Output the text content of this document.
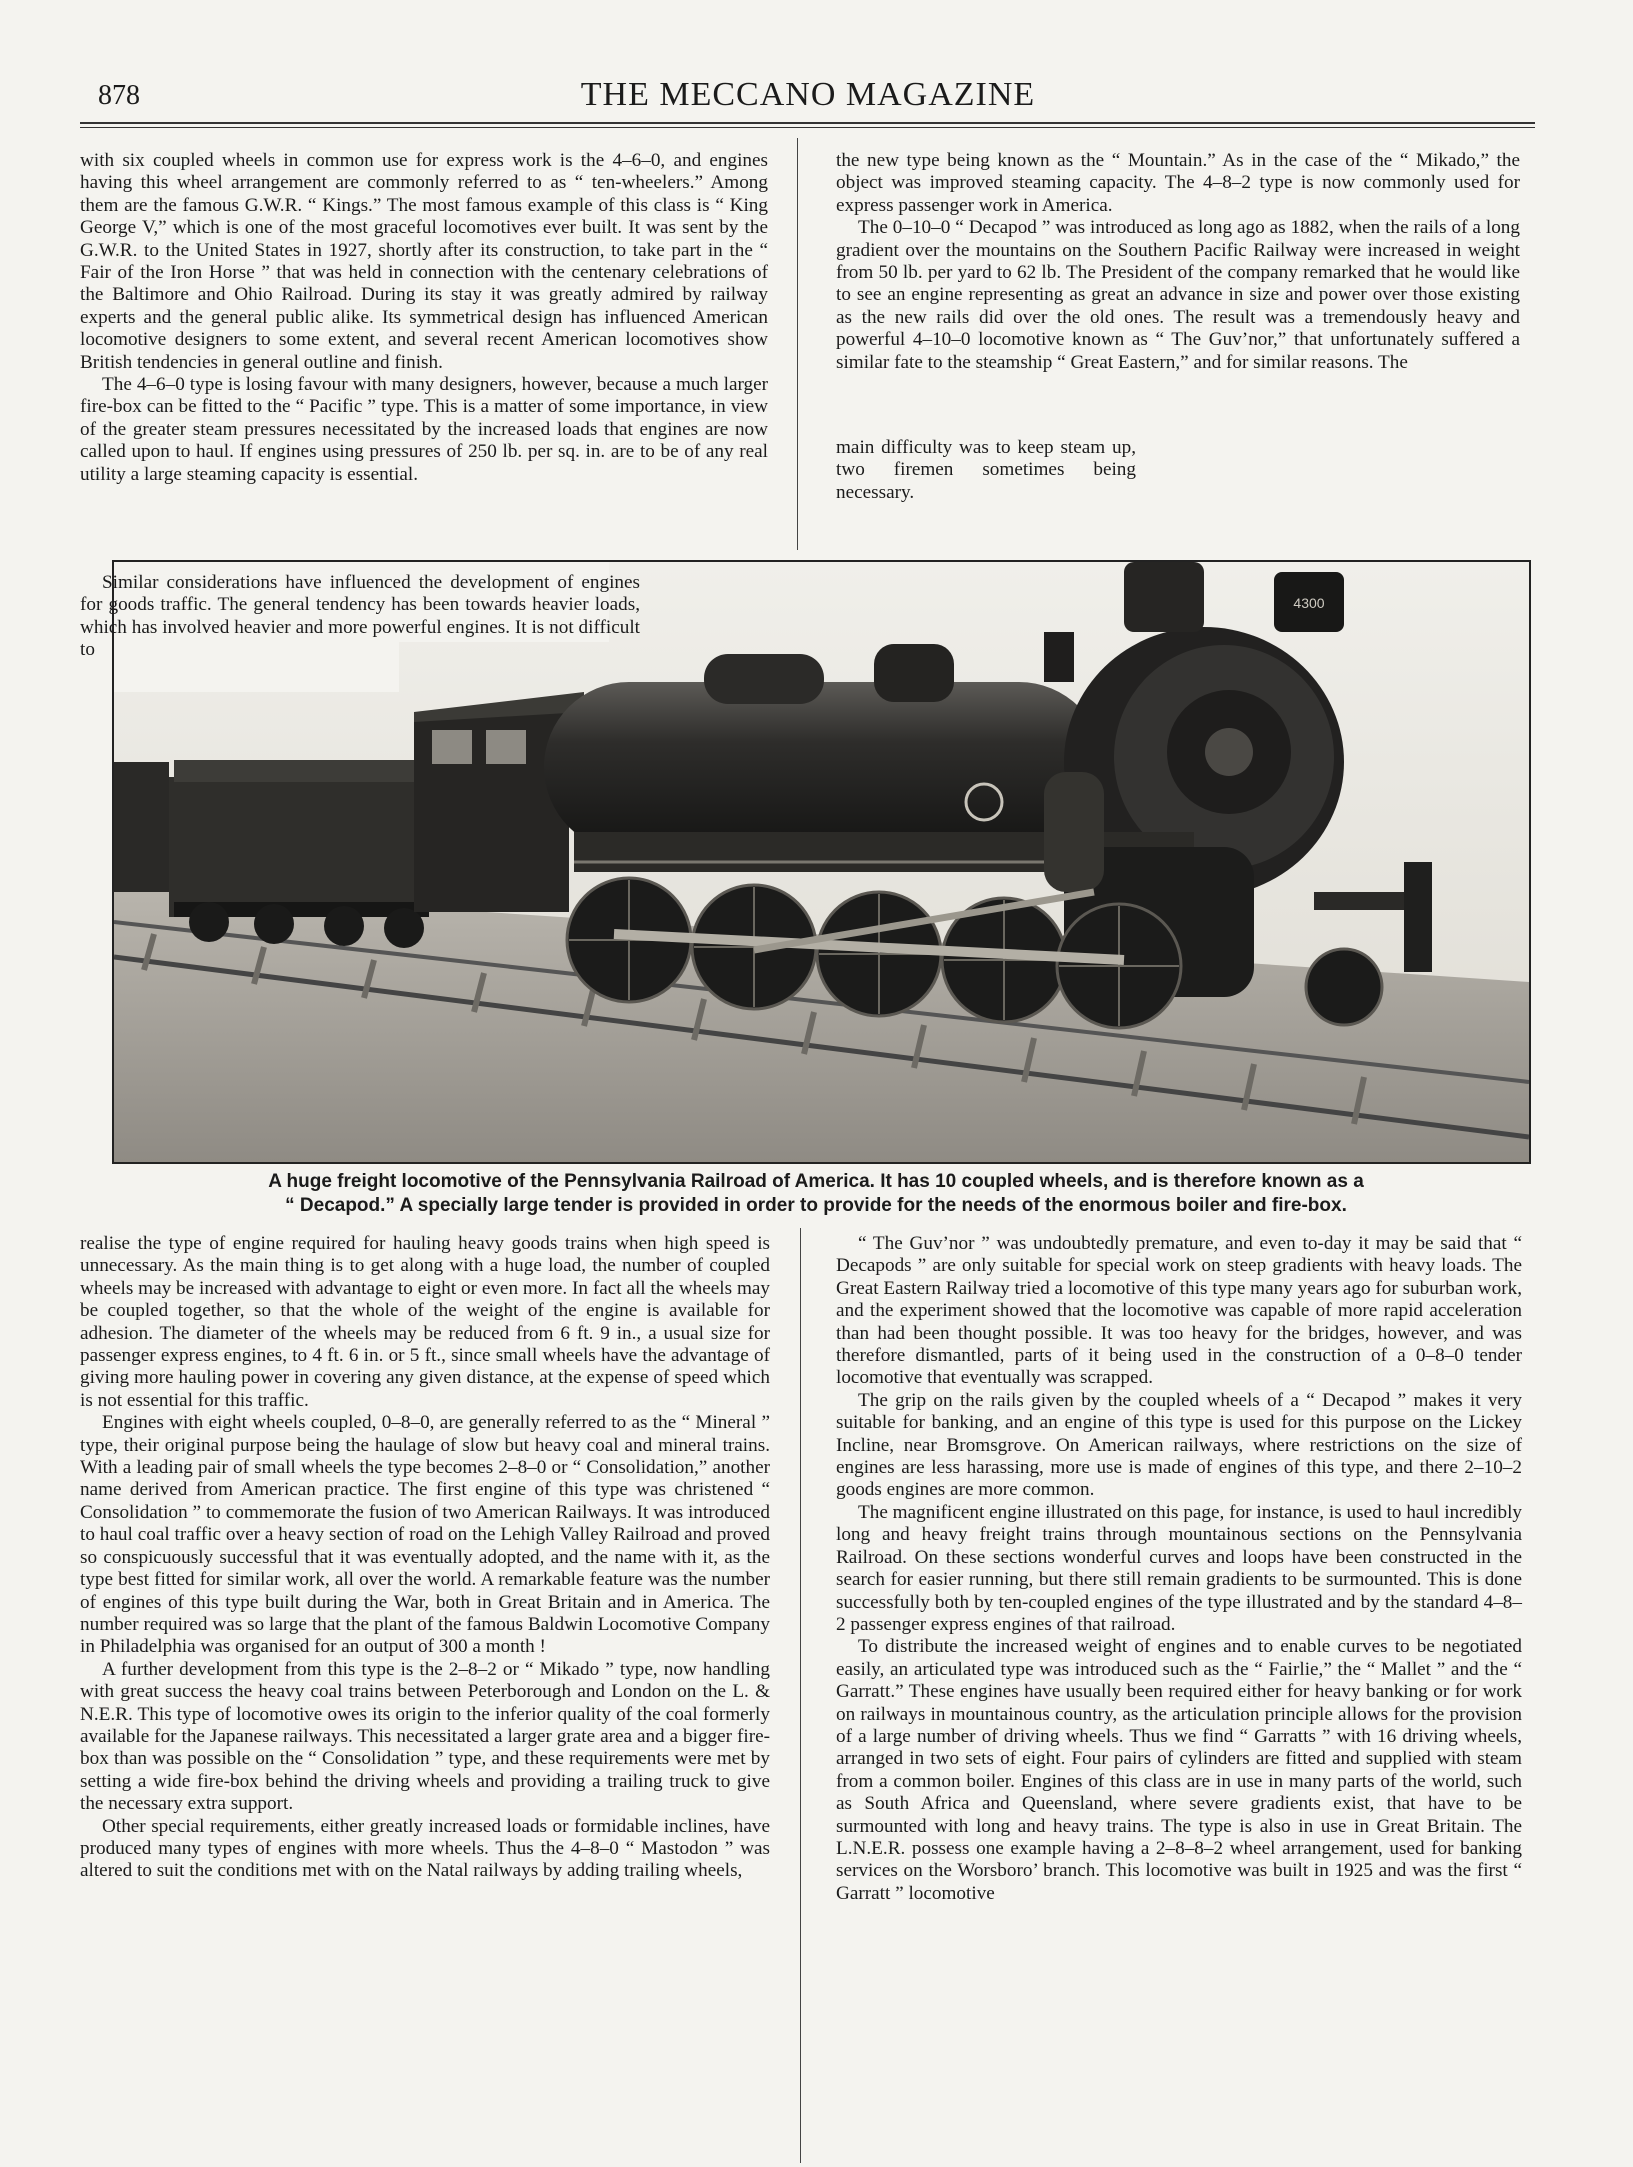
878	THE MECCANO MAGAZINE

with six coupled wheels in common use for express work is the 4–6–0, and engines having this wheel arrangement are commonly referred to as “ ten-wheelers.” Among them are the famous G.W.R. “ Kings.” The most famous example of this class is “ King George V,” which is one of the most graceful locomotives ever built. It was sent by the G.W.R. to the United States in 1927, shortly after its construction, to take part in the “ Fair of the Iron Horse ” that was held in connection with the centenary celebrations of the Baltimore and Ohio Railroad. During its stay it was greatly admired by railway experts and the general public alike. Its symmetrical design has influenced American locomotive designers to some extent, and several recent American locomotives show British tendencies in general outline and finish.

The 4–6–0 type is losing favour with many designers, however, because a much larger fire-box can be fitted to the “ Pacific ” type. This is a matter of some importance, in view of the greater steam pressures necessitated by the increased loads that engines are now called upon to haul. If engines using pressures of 250 lb. per sq. in. are to be of any real utility a large steaming capacity is essential.

the new type being known as the “ Mountain.” As in the case of the “ Mikado,” the object was improved steaming capacity. The 4–8–2 type is now commonly used for express passenger work in America.

The 0–10–0 “ Decapod ” was introduced as long ago as 1882, when the rails of a long gradient over the mountains on the Southern Pacific Railway were increased in weight from 50 lb. per yard to 62 lb. The President of the company remarked that he would like to see an engine representing as great an advance in size and power over those existing as the new rails did over the old ones. The result was a tremendously heavy and powerful 4–10–0 locomotive known as “ The Guv’nor,” that unfortunately suffered a similar fate to the steamship “ Great Eastern,” and for similar reasons. The

4300

Similar considerations have influenced the development of engines for goods traffic. The general tendency has been towards heavier loads, which has involved heavier and more powerful engines. It is not difficult to

main difficulty was to keep steam up, two firemen sometimes being necessary.

A huge freight locomotive of the Pennsylvania Railroad of America. It has 10 coupled wheels, and is therefore known as a
“ Decapod.” A specially large tender is provided in order to provide for the needs of the enormous boiler and fire-box.

realise the type of engine required for hauling heavy goods trains when high speed is unnecessary. As the main thing is to get along with a huge load, the number of coupled wheels may be increased with advantage to eight or even more. In fact all the wheels may be coupled together, so that the whole of the weight of the engine is available for adhesion. The diameter of the wheels may be reduced from 6 ft. 9 in., a usual size for passenger express engines, to 4 ft. 6 in. or 5 ft., since small wheels have the advantage of giving more hauling power in covering any given distance, at the expense of speed which is not essential for this traffic.

Engines with eight wheels coupled, 0–8–0, are generally referred to as the “ Mineral ” type, their original purpose being the haulage of slow but heavy coal and mineral trains. With a leading pair of small wheels the type becomes 2–8–0 or “ Consolidation,” another name derived from American practice. The first engine of this type was christened “ Consolidation ” to commemorate the fusion of two American Railways. It was introduced to haul coal traffic over a heavy section of road on the Lehigh Valley Railroad and proved so conspicuously successful that it was eventually adopted, and the name with it, as the type best fitted for similar work, all over the world. A remarkable feature was the number of engines of this type built during the War, both in Great Britain and in America. The number required was so large that the plant of the famous Baldwin Locomotive Company in Philadelphia was organised for an output of 300 a month !

A further development from this type is the 2–8–2 or “ Mikado ” type, now handling with great success the heavy coal trains between Peterborough and London on the L. & N.E.R. This type of locomotive owes its origin to the inferior quality of the coal formerly available for the Japanese railways. This necessitated a larger grate area and a bigger fire-box than was possible on the “ Consolidation ” type, and these requirements were met by setting a wide fire-box behind the driving wheels and providing a trailing truck to give the necessary extra support.

Other special requirements, either greatly increased loads or formidable inclines, have produced many types of engines with more wheels. Thus the 4–8–0 “ Mastodon ” was altered to suit the conditions met with on the Natal railways by adding trailing wheels,

“ The Guv’nor ” was undoubtedly premature, and even to-day it may be said that “ Decapods ” are only suitable for special work on steep gradients with heavy loads. The Great Eastern Railway tried a locomotive of this type many years ago for suburban work, and the experiment showed that the locomotive was capable of more rapid acceleration than had been thought possible. It was too heavy for the bridges, however, and was therefore dismantled, parts of it being used in the construction of a 0–8–0 tender locomotive that eventually was scrapped.

The grip on the rails given by the coupled wheels of a “ Decapod ” makes it very suitable for banking, and an engine of this type is used for this purpose on the Lickey Incline, near Bromsgrove. On American railways, where restrictions on the size of engines are less harassing, more use is made of engines of this type, and there 2–10–2 goods engines are more common.

The magnificent engine illustrated on this page, for instance, is used to haul incredibly long and heavy freight trains through mountainous sections on the Pennsylvania Railroad. On these sections wonderful curves and loops have been constructed in the search for easier running, but there still remain gradients to be surmounted. This is done successfully both by ten-coupled engines of the type illustrated and by the standard 4–8–2 passenger express engines of that railroad.

To distribute the increased weight of engines and to enable curves to be negotiated easily, an articulated type was introduced such as the “ Fairlie,” the “ Mallet ” and the “ Garratt.” These engines have usually been required either for heavy banking or for work on railways in mountainous country, as the articulation principle allows for the provision of a large number of driving wheels. Thus we find “ Garratts ” with 16 driving wheels, arranged in two sets of eight. Four pairs of cylinders are fitted and supplied with steam from a common boiler. Engines of this class are in use in many parts of the world, such as South Africa and Queensland, where severe gradients exist, that have to be surmounted with long and heavy trains. The type is also in use in Great Britain. The L.N.E.R. possess one example having a 2–8–8–2 wheel arrangement, used for banking services on the Worsboro’ branch. This locomotive was built in 1925 and was the first “ Garratt ” locomotive
